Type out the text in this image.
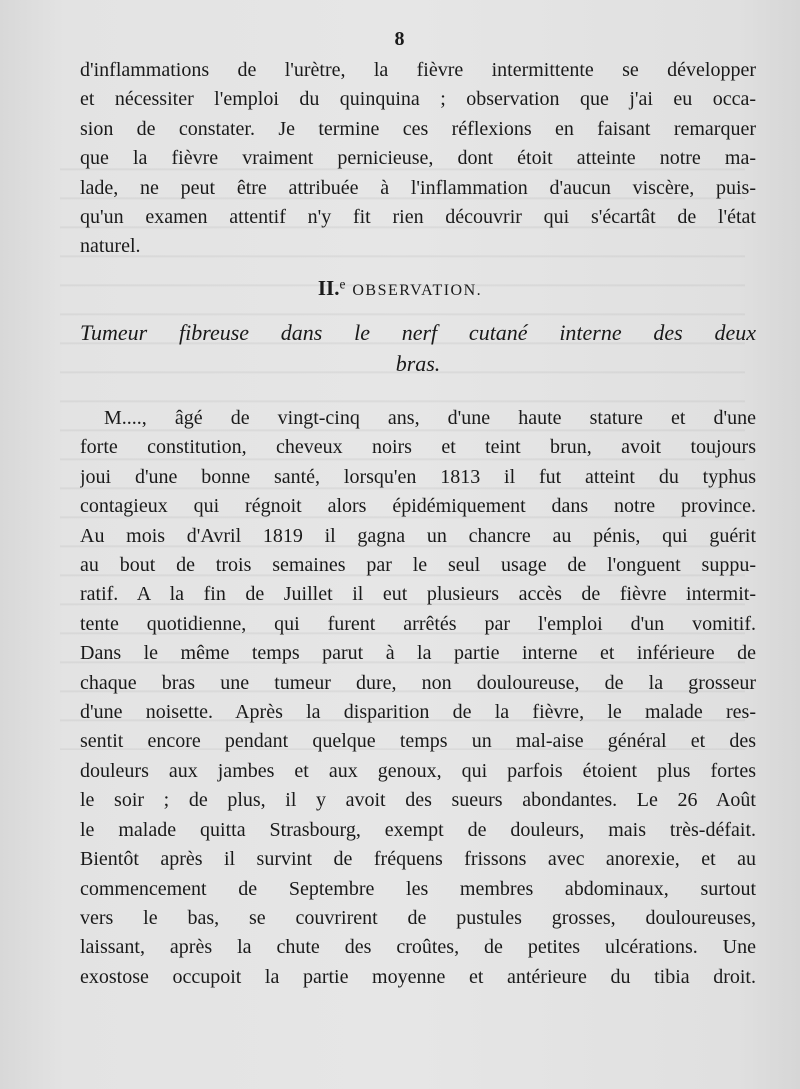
8
d'inflammations de l'urètre, la fièvre intermittente se développer
et nécessiter l'emploi du quinquina ; observation que j'ai eu occa-
sion de constater. Je termine ces réflexions en faisant remarquer
que la fièvre vraiment pernicieuse, dont étoit atteinte notre ma-
lade, ne peut être attribuée à l'inflammation d'aucun viscère, puis-
qu'un examen attentif n'y fit rien découvrir qui s'écartât de l'état
naturel.
II.$^e$ OBSERVATION.
Tumeur fibreuse dans le nerf cutané interne des deux
bras.
M...., âgé de vingt-cinq ans, d'une haute stature et d'une
forte constitution, cheveux noirs et teint brun, avoit toujours
joui d'une bonne santé, lorsqu'en 1813 il fut atteint du typhus
contagieux qui régnoit alors épidémiquement dans notre province.
Au mois d'Avril 1819 il gagna un chancre au pénis, qui guérit
au bout de trois semaines par le seul usage de l'onguent suppu-
ratif. A la fin de Juillet il eut plusieurs accès de fièvre intermit-
tente quotidienne, qui furent arrêtés par l'emploi d'un vomitif.
Dans le même temps parut à la partie interne et inférieure de
chaque bras une tumeur dure, non douloureuse, de la grosseur
d'une noisette. Après la disparition de la fièvre, le malade res-
sentit encore pendant quelque temps un mal-aise général et des
douleurs aux jambes et aux genoux, qui parfois étoient plus fortes
le soir ; de plus, il y avoit des sueurs abondantes. Le 26 Août
le malade quitta Strasbourg, exempt de douleurs, mais très-défait.
Bientôt après il survint de fréquens frissons avec anorexie, et au
commencement de Septembre les membres abdominaux, surtout
vers le bas, se couvrirent de pustules grosses, douloureuses,
laissant, après la chute des croûtes, de petites ulcérations. Une
exostose occupoit la partie moyenne et antérieure du tibia droit.
